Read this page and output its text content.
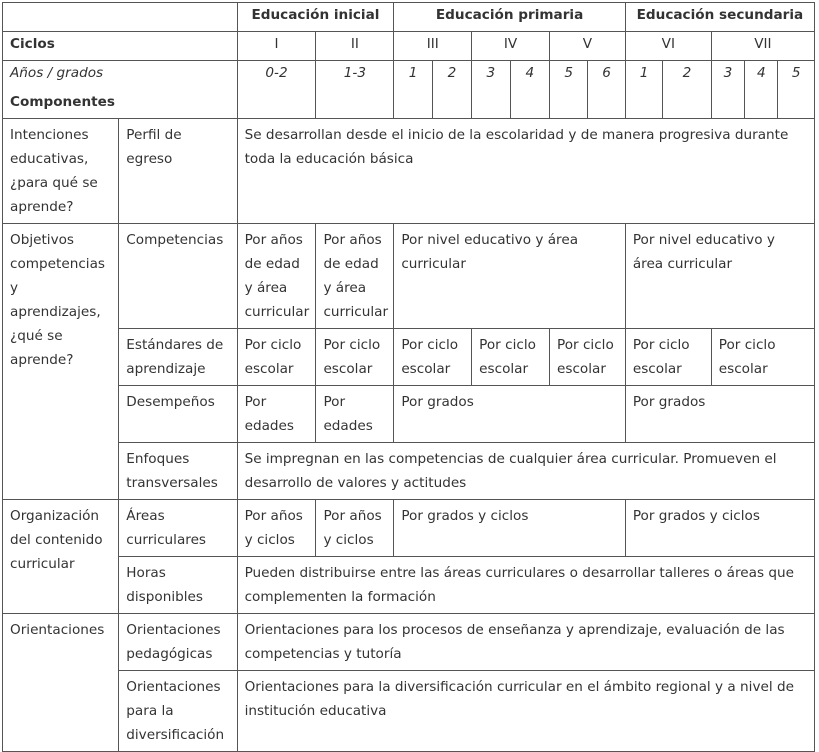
		Educación inicial		Educación primaria						Educación secundaria				
Ciclos		I	II	III		IV		V		VI		VII		
Años / grados		0-2	1-3	1	2	3	4	5	6	1	2	3	4	5
Componentes														
Intenciones educativas, ¿para qué se aprende?	Perfil de egreso	Se desarrollan desde el inicio de la escolaridad y de manera progresiva durante toda la educación básica												
Objetivos competencias y aprendizajes, ¿qué se aprende?	Competencias	Por años de edad y área curricular	Por años de edad y área curricular	Por nivel educativo y área curricular						Por nivel educativo y área curricular				
	Estándares de aprendizaje	Por ciclo escolar	Por ciclo escolar	Por ciclo escolar		Por ciclo escolar		Por ciclo escolar		Por ciclo escolar		Por ciclo escolar		
	Desempeños	Por edades	Por edades	Por grados						Por grados				
	Enfoques transversales	Se impregnan en las competencias de cualquier área curricular. Promueven el desarrollo de valores y actitudes												
Organización del contenido curricular	Áreas curriculares	Por años y ciclos	Por años y ciclos	Por grados y ciclos						Por grados y ciclos				
	Horas disponibles	Pueden distribuirse entre las áreas curriculares o desarrollar talleres o áreas que complementen la formación												
Orientaciones	Orientaciones pedagógicas	Orientaciones para los procesos de enseñanza y aprendizaje, evaluación de las competencias y tutoría												
	Orientaciones para la diversificación	Orientaciones para la diversificación curricular en el ámbito regional y a nivel de institución educativa												
